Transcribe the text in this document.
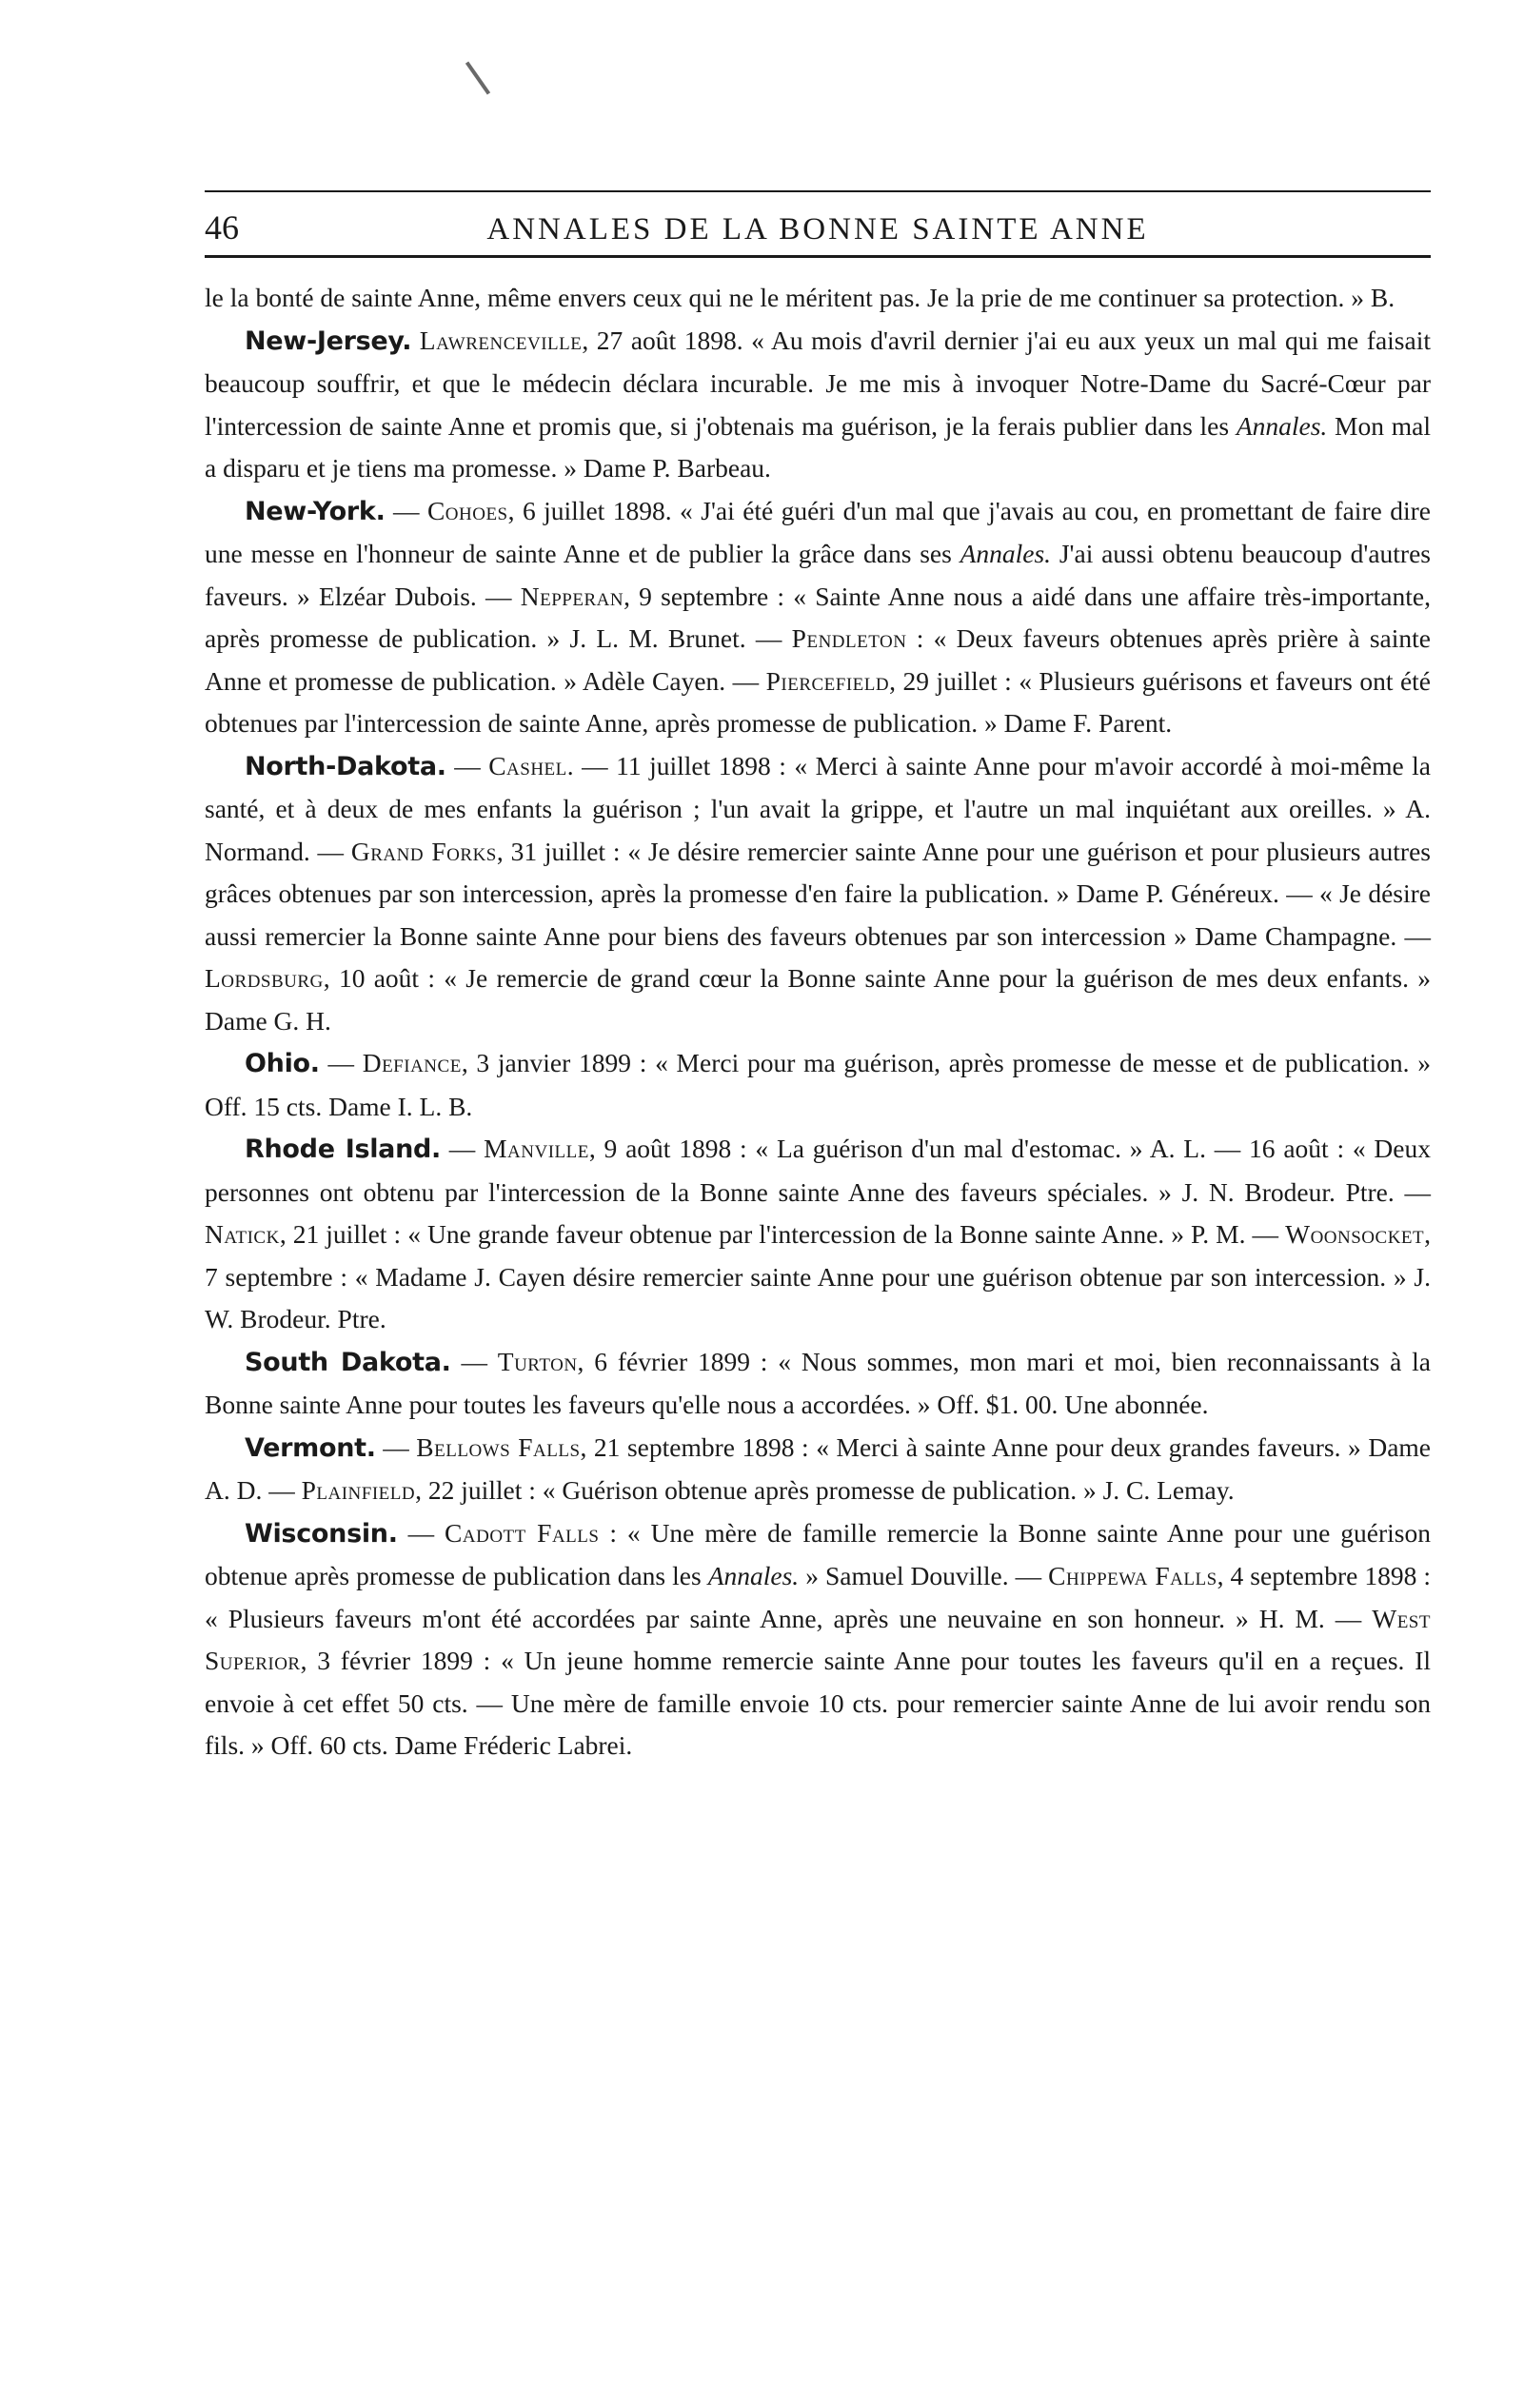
46	ANNALES DE LA BONNE SAINTE ANNE

le la bonté de sainte Anne, même envers ceux qui ne le méritent pas. Je la prie de me continuer sa protection. » B.

New-Jersey. Lawrenceville, 27 août 1898. « Au mois d'avril dernier j'ai eu aux yeux un mal qui me faisait beaucoup souffrir, et que le médecin déclara incurable. Je me mis à invoquer Notre-Dame du Sacré-Cœur par l'intercession de sainte Anne et promis que, si j'obtenais ma guérison, je la ferais publier dans les Annales. Mon mal a disparu et je tiens ma promesse. » Dame P. Barbeau.

New-York. — Cohoes, 6 juillet 1898. « J'ai été guéri d'un mal que j'avais au cou, en promettant de faire dire une messe en l'honneur de sainte Anne et de publier la grâce dans ses Annales. J'ai aussi obtenu beaucoup d'autres faveurs. » Elzéar Dubois. — Nepperan, 9 septembre : « Sainte Anne nous a aidé dans une affaire très-importante, après promesse de publication. » J. L. M. Brunet. — Pendleton : « Deux faveurs obtenues après prière à sainte Anne et promesse de publication. » Adèle Cayen. — Piercefield, 29 juillet : « Plusieurs guérisons et faveurs ont été obtenues par l'intercession de sainte Anne, après promesse de publication. » Dame F. Parent.

North-Dakota. — Cashel. — 11 juillet 1898 : « Merci à sainte Anne pour m'avoir accordé à moi-même la santé, et à deux de mes enfants la guérison ; l'un avait la grippe, et l'autre un mal inquiétant aux oreilles. » A. Normand. — Grand Forks, 31 juillet : « Je désire remercier sainte Anne pour une guérison et pour plusieurs autres grâces obtenues par son intercession, après la promesse d'en faire la publication. » Dame P. Généreux. — « Je désire aussi remercier la Bonne sainte Anne pour biens des faveurs obtenues par son intercession » Dame Champagne. — Lordsburg, 10 août : « Je remercie de grand cœur la Bonne sainte Anne pour la guérison de mes deux enfants. » Dame G. H.

Ohio. — Defiance, 3 janvier 1899 : « Merci pour ma guérison, après promesse de messe et de publication. » Off. 15 cts. Dame I. L. B.

Rhode Island. — Manville, 9 août 1898 : « La guérison d'un mal d'estomac. » A. L. — 16 août : « Deux personnes ont obtenu par l'intercession de la Bonne sainte Anne des faveurs spéciales. » J. N. Brodeur. Ptre. — Natick, 21 juillet : « Une grande faveur obtenue par l'intercession de la Bonne sainte Anne. » P. M. — Woonsocket, 7 septembre : « Madame J. Cayen désire remercier sainte Anne pour une guérison obtenue par son intercession. » J. W. Brodeur. Ptre.

South Dakota. — Turton, 6 février 1899 : « Nous sommes, mon mari et moi, bien reconnaissants à la Bonne sainte Anne pour toutes les faveurs qu'elle nous a accordées. » Off. $1. 00. Une abonnée.

Vermont. — Bellows Falls, 21 septembre 1898 : « Merci à sainte Anne pour deux grandes faveurs. » Dame A. D. — Plainfield, 22 juillet : « Guérison obtenue après promesse de publication. » J. C. Lemay.

Wisconsin. — Cadott Falls : « Une mère de famille remercie la Bonne sainte Anne pour une guérison obtenue après promesse de publication dans les Annales. » Samuel Douville. — Chippewa Falls, 4 septembre 1898 : « Plusieurs faveurs m'ont été accordées par sainte Anne, après une neuvaine en son honneur. » H. M. — West Superior, 3 février 1899 : « Un jeune homme remercie sainte Anne pour toutes les faveurs qu'il en a reçues. Il envoie à cet effet 50 cts. — Une mère de famille envoie 10 cts. pour remercier sainte Anne de lui avoir rendu son fils. » Off. 60 cts. Dame Fréderic Labrei.
